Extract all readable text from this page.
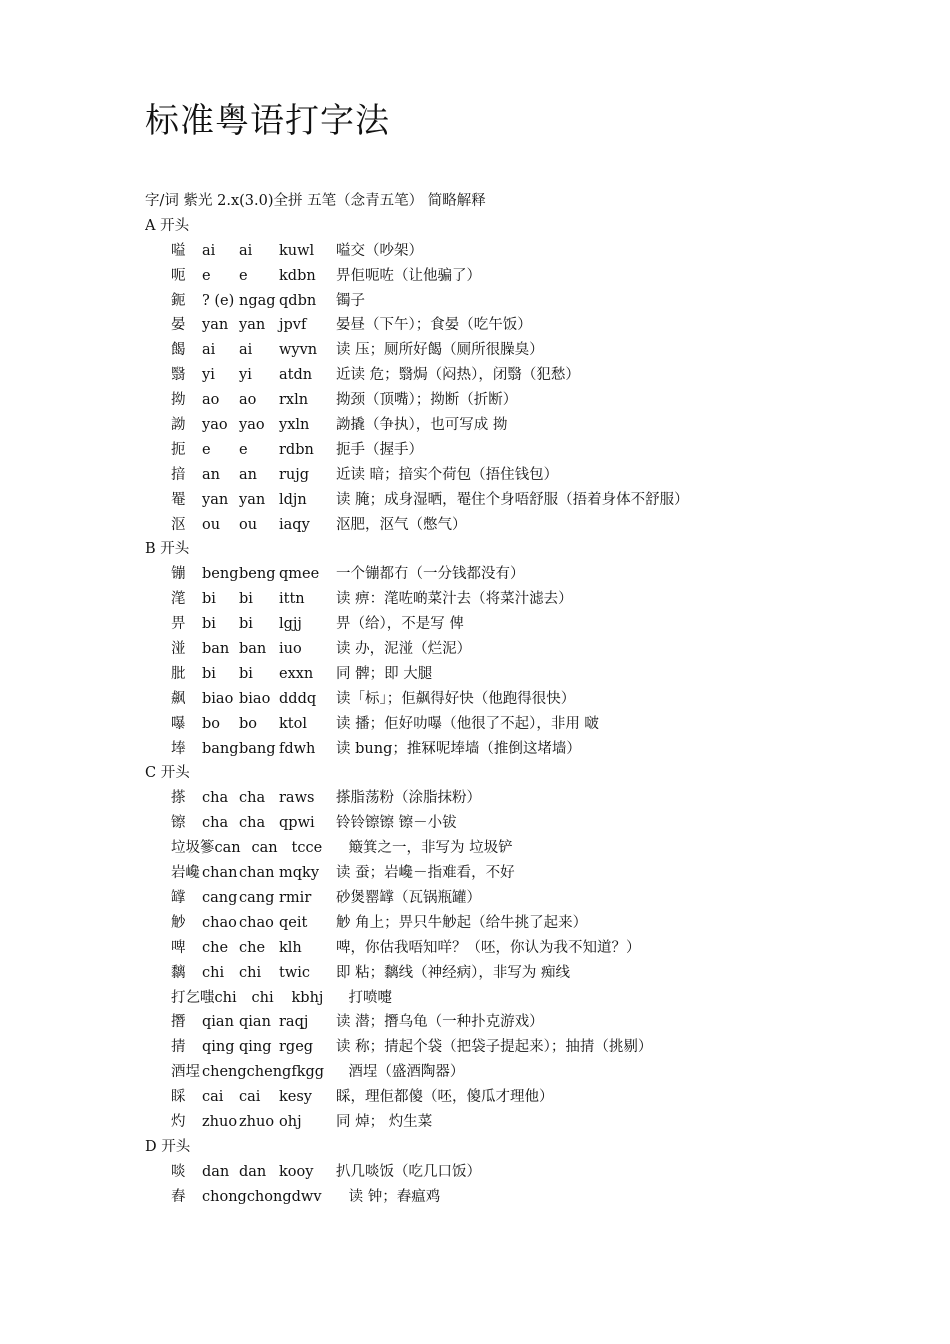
标准粤语打字法
字/词 紫光 2.x(3.0)全拼 五笔（念青五笔） 简略解释
A 开头
嗌 ai ai kuwl 嗌交（吵架）
呃 e e kdbn 畀佢呃咗（让他骗了）
鈪 ? (e) ngag qdbn 镯子
晏 yan yan jpvf 晏昼（下午）；食晏（吃午饭）
餲 ai ai wyvn 读 压；厕所好餲（厕所很臊臭）
翳 yi yi atdn 近读 危；翳焗（闷热），闭翳（犯愁）
拗 ao ao rxln 拗颈（顶嘴）；拗断（折断）
詏 yao yao yxln 詏撬（争执），也可写成 拗
扼 e e rdbn 扼手（握手）
揞 an an rujg 近读 暗；揞实个荷包（捂住钱包）
罨 yan yan ldjn 读 腌；成身湿晒，罨住个身唔舒服（捂着身体不舒服）
沤 ou ou iaqy 沤肥，沤气（憋气）
B 开头
镚 bengbeng qmee 一个镚都冇（一分钱都没有）
滗 bi bi ittn 读 痹：滗咗啲菜汁去（将菜汁滤去）
畀 bi bi lgjj 畀（给），不是写 俾
湴 ban ban iuo 读 办，泥湴（烂泥）
肶 bi bi exxn 同 髀；即 大腿
飙 biao biao dddq 读「标」；佢飙得好快（他跑得很快）
嚗 bo bo ktol 读 播；佢好叻嚗（他很了不起），非用 啵
埲 bangbang fdwh 读 bung；推冧呢埲墙（推倒这堵墙）
C 开头
搽 cha cha raws 搽脂荡粉（涂脂抹粉）
镲 cha cha qpwi 铃铃镲镲 镲－小钹
垃圾篸can can tcce 簸箕之一，非写为 垃圾铲
岩巉 chan chan mqky 读 蚕；岩巉－指难看，不好
罉 cang cang rmir 砂煲罂罉（瓦锅瓶罐）
觘 chao chao qeit 觘 角上；畀只牛觘起（给牛挑了起来）
啤 che che klh 啤，你估我唔知咩？（呸，你认为我不知道？）
黐 chi chi twic 即 粘；黐线（神经病），非写为 痴线
打乞嗤chi chi kbhj 打喷嚏
撍 qian qian raqj 读 潜；撍乌龟（一种扑克游戏）
掅 qing qing rgeg 读 称；掅起个袋（把袋子提起来）；抽掅（挑剔）
酒埕 chengchengfkgg 酒埕（盛酒陶器）
睬 cai cai kesy 睬，理佢都傻（呸，傻瓜才理他）
灼 zhuo zhuo ohj 同 焯； 灼生菜
D 开头
啖 dan dan kooy 扒几啖饭（吃几口饭）
舂 chongchongdwv 读 钟；舂瘟鸡
